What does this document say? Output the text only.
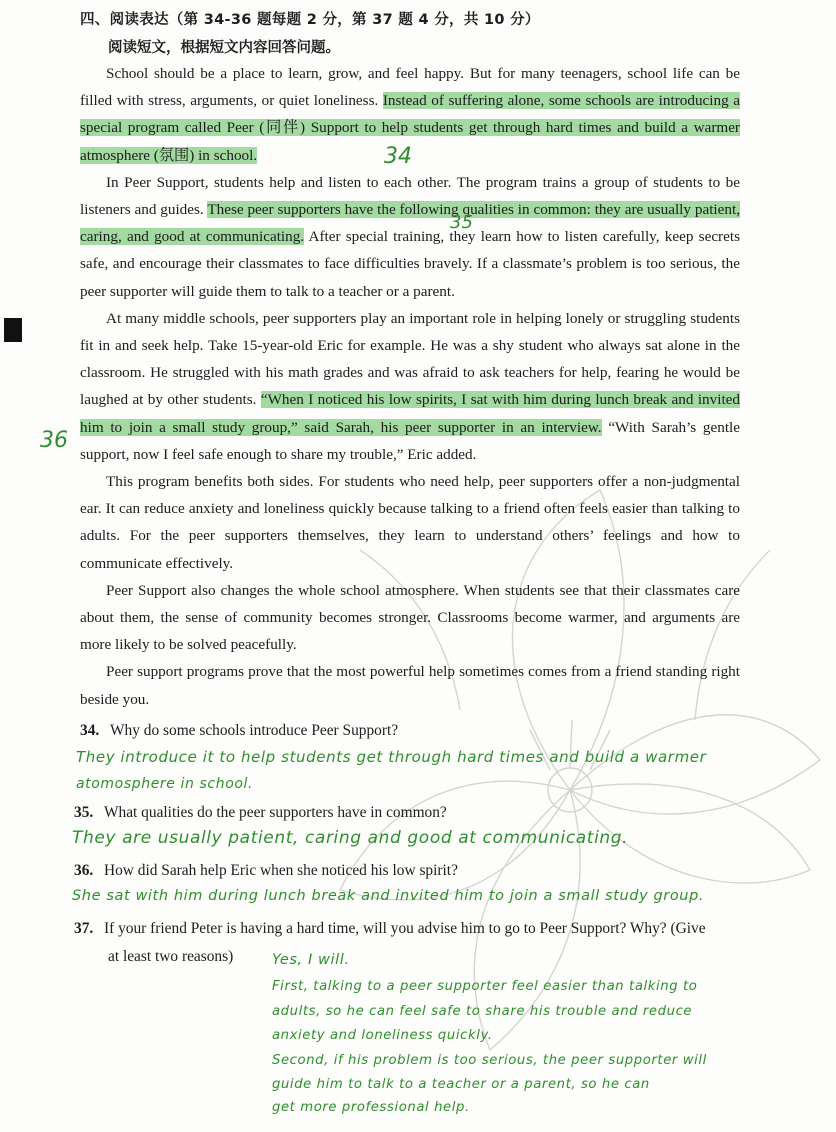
四、阅读表达（第 34-36 题每题 2 分，第 37 题 4 分，共 10 分）
阅读短文，根据短文内容回答问题。

School should be a place to learn, grow, and feel happy. But for many teenagers, school life can be filled with stress, arguments, or quiet loneliness. Instead of suffering alone, some schools are introducing a special program called Peer (同伴) Support to help students get through hard times and build a warmer atmosphere (氛围) in school.

In Peer Support, students help and listen to each other. The program trains a group of students to be listeners and guides. These peer supporters have the following qualities in common: they are usually patient, caring, and good at communicating. After special training, they learn how to listen carefully, keep secrets safe, and encourage their classmates to face difficulties bravely. If a classmate’s problem is too serious, the peer supporter will guide them to talk to a teacher or a parent.

At many middle schools, peer supporters play an important role in helping lonely or struggling students fit in and seek help. Take 15-year-old Eric for example. He was a shy student who always sat alone in the classroom. He struggled with his math grades and was afraid to ask teachers for help, fearing he would be laughed at by other students. “When I noticed his low spirits, I sat with him during lunch break and invited him to join a small study group,” said Sarah, his peer supporter in an interview. “With Sarah’s gentle support, now I feel safe enough to share my trouble,” Eric added.

This program benefits both sides. For students who need help, peer supporters offer a non-judgmental ear. It can reduce anxiety and loneliness quickly because talking to a friend often feels easier than talking to adults. For the peer supporters themselves, they learn to understand others’ feelings and how to communicate effectively.

Peer Support also changes the whole school atmosphere. When students see that their classmates care about them, the sense of community becomes stronger. Classrooms become warmer, and arguments are more likely to be solved peacefully.

Peer support programs prove that the most powerful help sometimes comes from a friend standing right beside you.

34
35
36
34. Why do some schools introduce Peer Support?
35. What qualities do the peer supporters have in common?
36. How did Sarah help Eric when she noticed his low spirit?
37. If your friend Peter is having a hard time, will you advise him to go to Peer Support? Why? (Give
at least two reasons)
They introduce it to help students get through hard times and build a warmer
atomosphere in school.
They are usually patient, caring and good at communicating.
She sat with him during lunch break and invited him to join a small study group.
Yes, I will.
First, talking to a peer supporter feel easier than talking to
adults, so he can feel safe to share his trouble and reduce
anxiety and loneliness quickly.
Second, if his problem is too serious, the peer supporter will
guide him to talk to a teacher or a parent, so he can
get more professional help.
